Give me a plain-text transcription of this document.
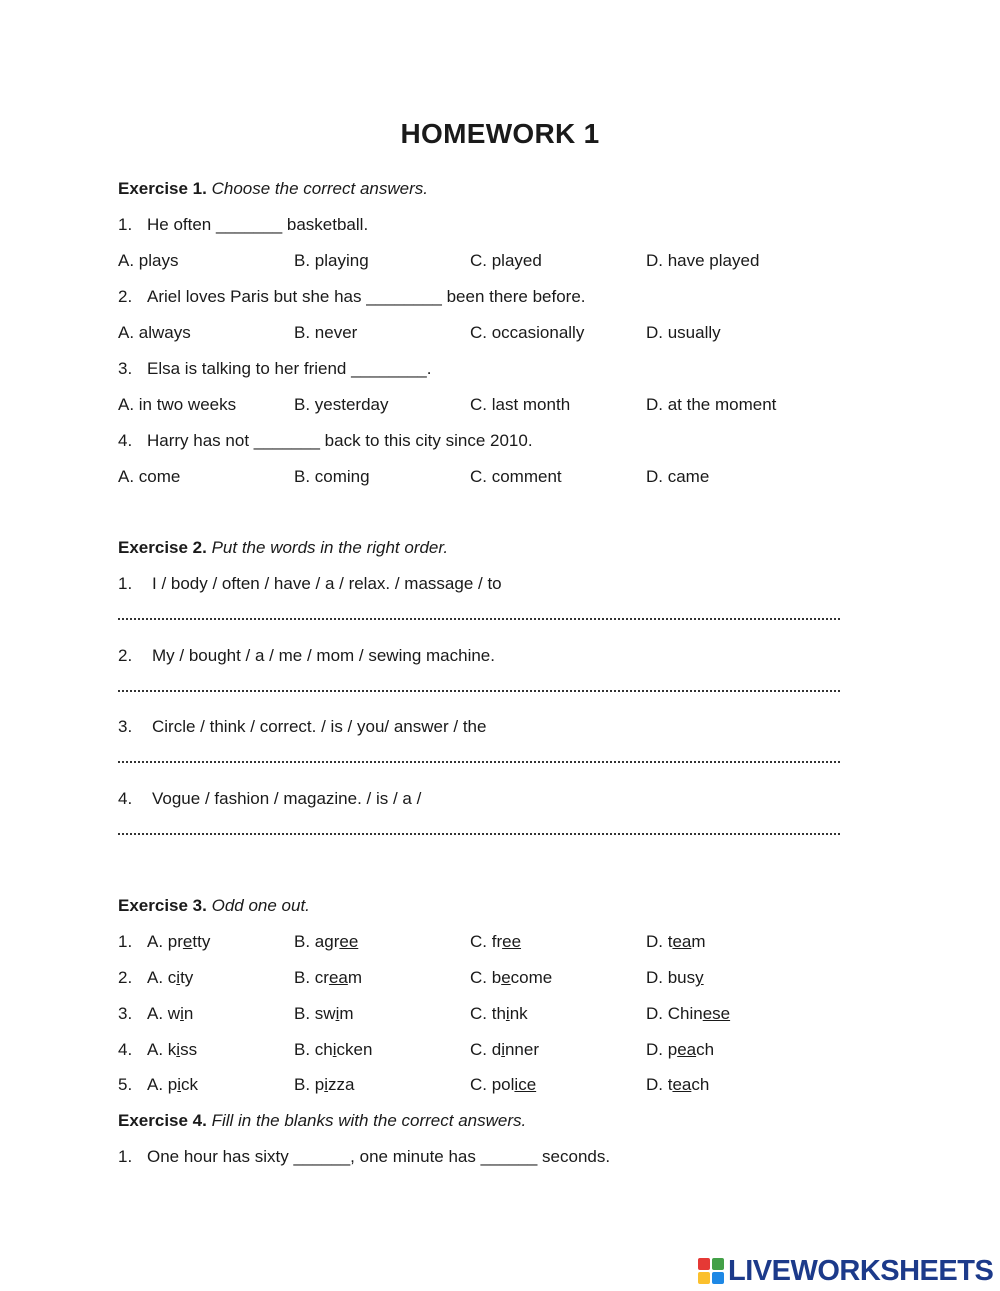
HOMEWORK 1
Exercise 1. Choose the correct answers.
1. He often _______ basketball.
A. plays	B. playing	C. played	D. have played
2. Ariel loves Paris but she has ________ been there before.
A. always	B. never	C. occasionally	D. usually
3. Elsa is talking to her friend ________.
A. in two weeks	B. yesterday	C. last month	D. at the moment
4. Harry has not _______ back to this city since 2010.
A. come	B. coming	C. comment	D. came
Exercise 2. Put the words in the right order.
1. I / body / often / have / a / relax. / massage / to
2. My / bought / a / me / mom / sewing machine.
3. Circle / think / correct. / is / you/ answer / the
4. Vogue / fashion / magazine. / is / a /
Exercise 3. Odd one out.
1. A. pretty	B. agree	C. free	D. team
2. A. city	B. cream	C. become	D. busy
3. A. win	B. swim	C. think	D. Chinese
4. A. kiss	B. chicken	C. dinner	D. peach
5. A. pick	B. pizza	C. police	D. teach
Exercise 4. Fill in the blanks with the correct answers.
1. One hour has sixty ______, one minute has ______ seconds.
LIVEWORKSHEETS
